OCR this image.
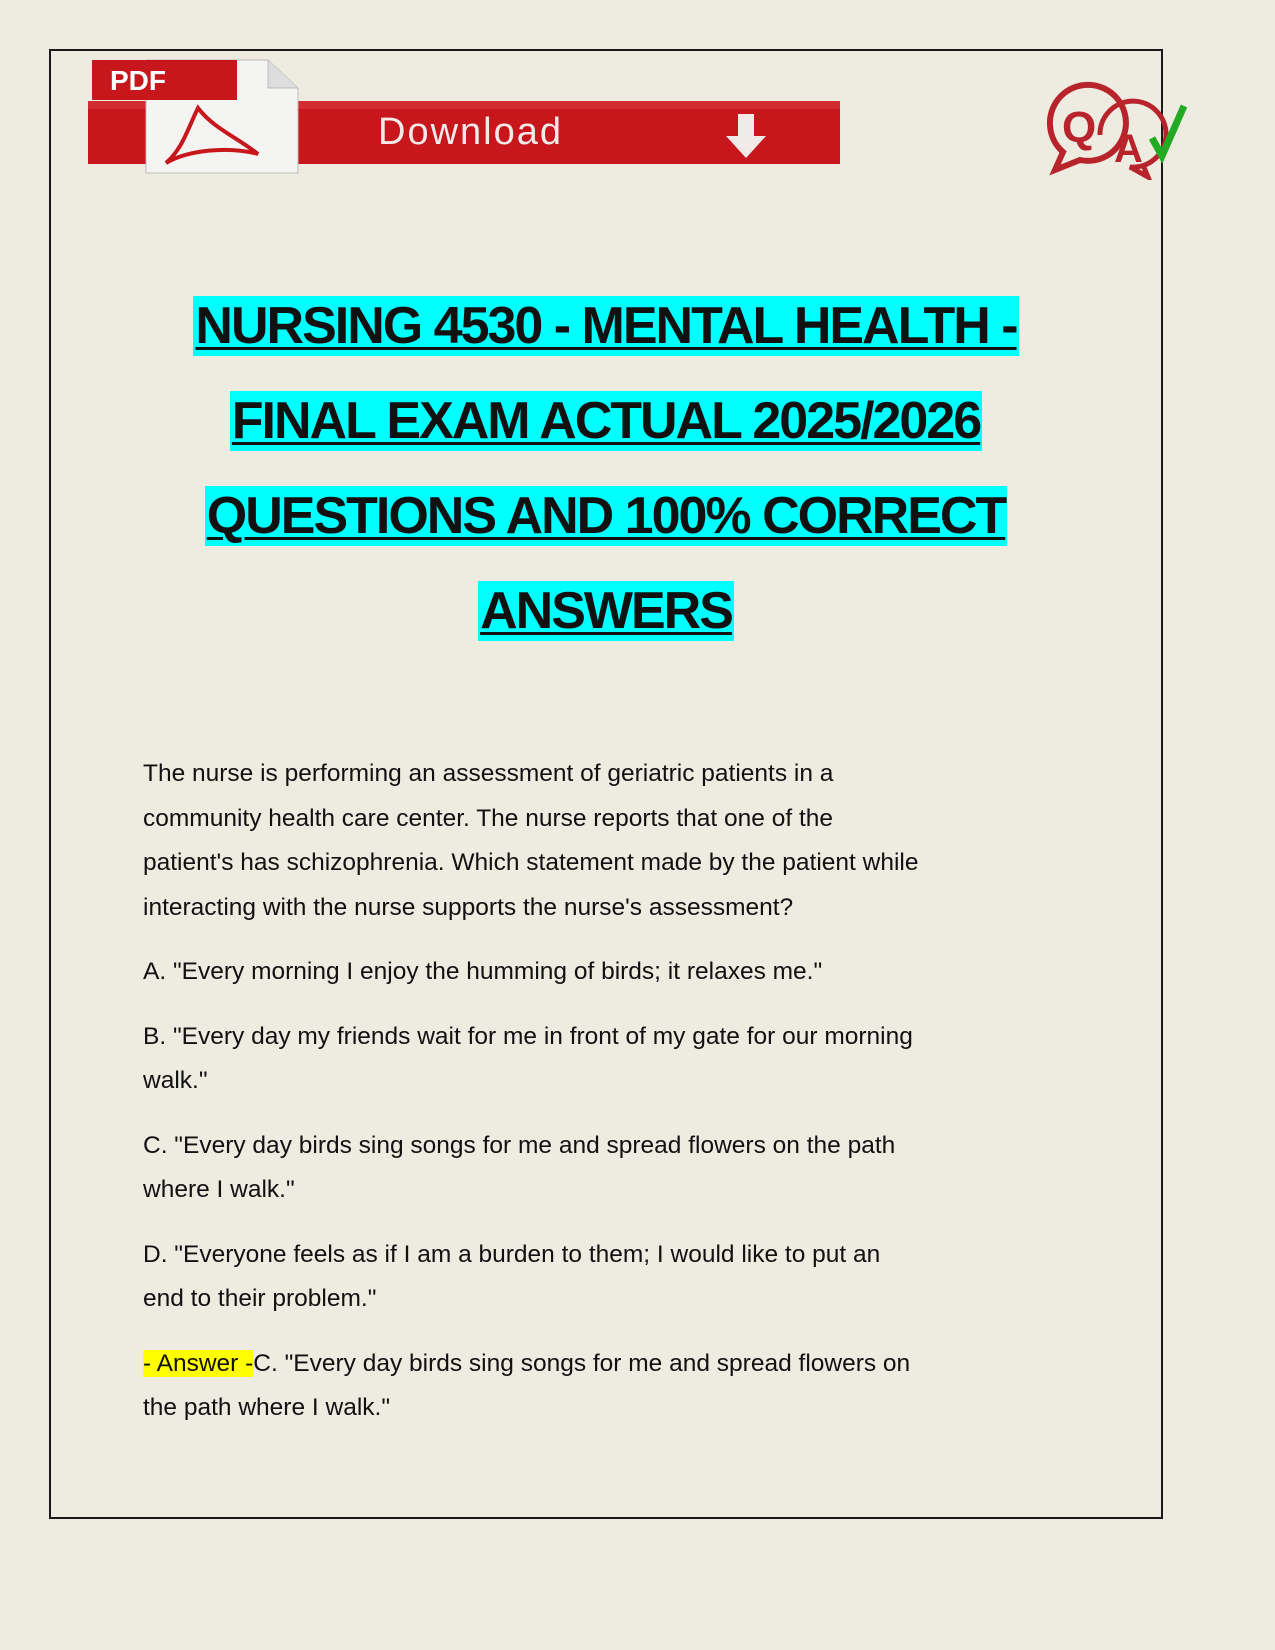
PDF
Download	Q A
NURSING 4530 - MENTAL HEALTH -
FINAL EXAM ACTUAL 2025/2026
QUESTIONS AND 100% CORRECT
ANSWERS
The nurse is performing an assessment of geriatric patients in a
community health care center. The nurse reports that one of the
patient's has schizophrenia. Which statement made by the patient while
interacting with the nurse supports the nurse's assessment?
A. "Every morning I enjoy the humming of birds; it relaxes me."
B. "Every day my friends wait for me in front of my gate for our morning
walk."
C. "Every day birds sing songs for me and spread flowers on the path
where I walk."
D. "Everyone feels as if I am a burden to them; I would like to put an
end to their problem."
- Answer -C. "Every day birds sing songs for me and spread flowers on
the path where I walk."
